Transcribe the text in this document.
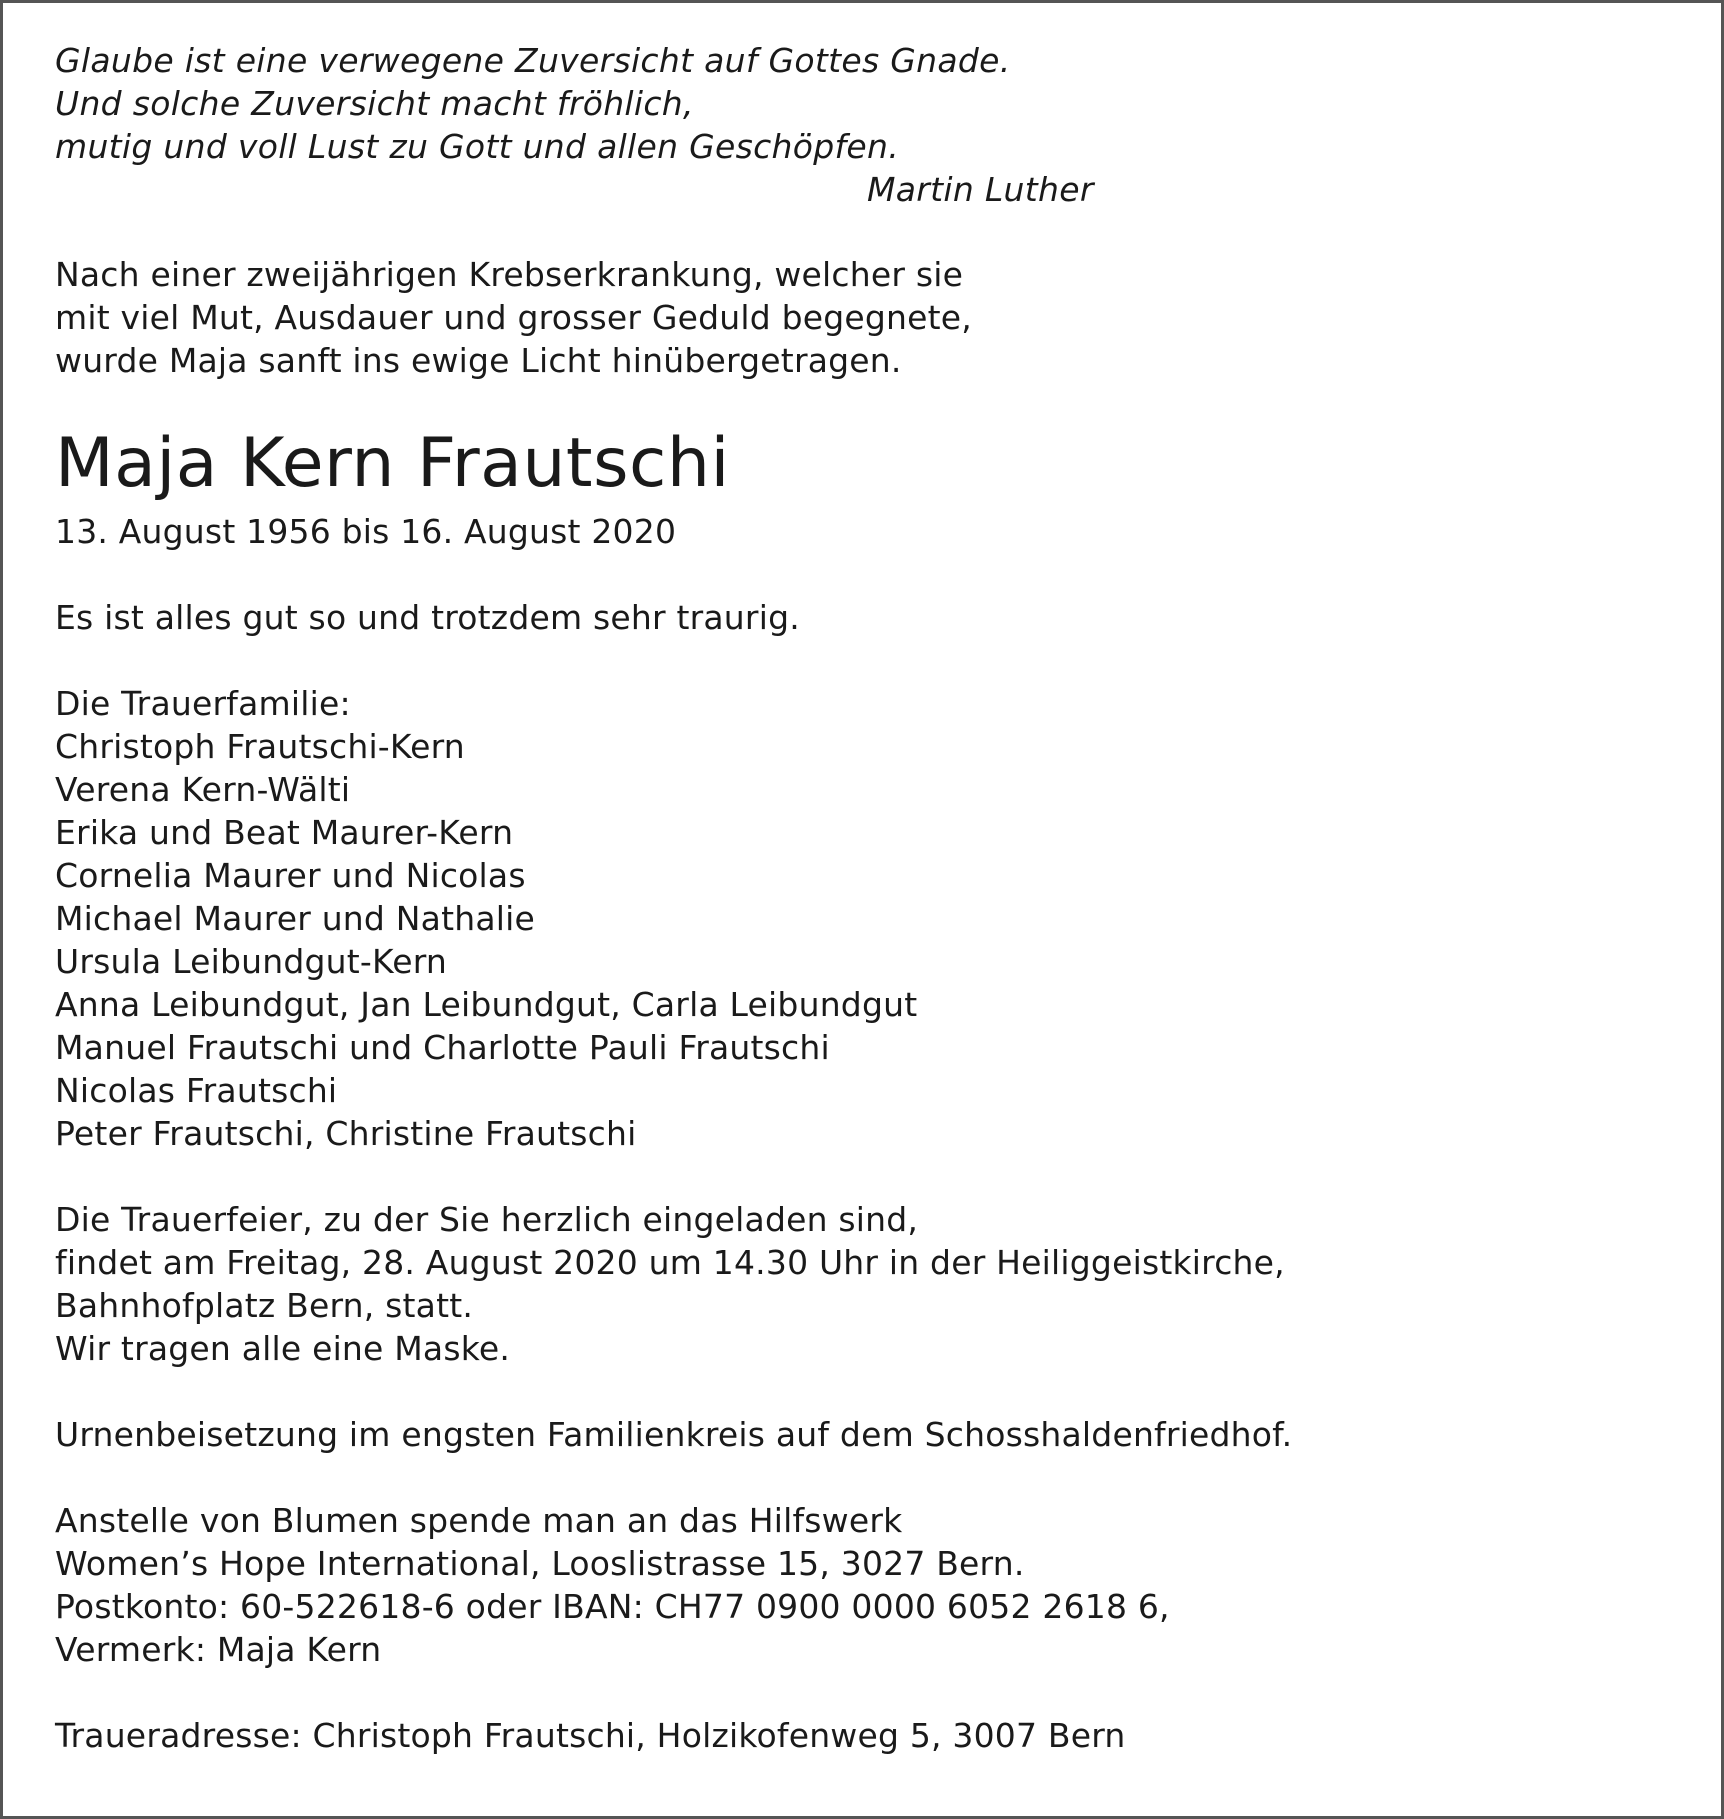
Glaube ist eine verwegene Zuversicht auf Gottes Gnade.
Und solche Zuversicht macht fröhlich,
mutig und voll Lust zu Gott und allen Geschöpfen.
Martin Luther
Nach einer zweijährigen Krebserkrankung, welcher sie
mit viel Mut, Ausdauer und grosser Geduld begegnete,
wurde Maja sanft ins ewige Licht hinübergetragen.
Maja Kern Frautschi
13. August 1956 bis 16. August 2020
Es ist alles gut so und trotzdem sehr traurig.
Die Trauerfamilie:
Christoph Frautschi-Kern
Verena Kern-Wälti
Erika und Beat Maurer-Kern
Cornelia Maurer und Nicolas
Michael Maurer und Nathalie
Ursula Leibundgut-Kern
Anna Leibundgut, Jan Leibundgut, Carla Leibundgut
Manuel Frautschi und Charlotte Pauli Frautschi
Nicolas Frautschi
Peter Frautschi, Christine Frautschi
Die Trauerfeier, zu der Sie herzlich eingeladen sind,
findet am Freitag, 28. August 2020 um 14.30 Uhr in der Heiliggeistkirche,
Bahnhofplatz Bern, statt.
Wir tragen alle eine Maske.
Urnenbeisetzung im engsten Familienkreis auf dem Schosshaldenfriedhof.
Anstelle von Blumen spende man an das Hilfswerk
Women’s Hope International, Looslistrasse 15, 3027 Bern.
Postkonto: 60-522618-6 oder IBAN: CH77 0900 0000 6052 2618 6,
Vermerk: Maja Kern
Traueradresse: Christoph Frautschi, Holzikofenweg 5, 3007 Bern
